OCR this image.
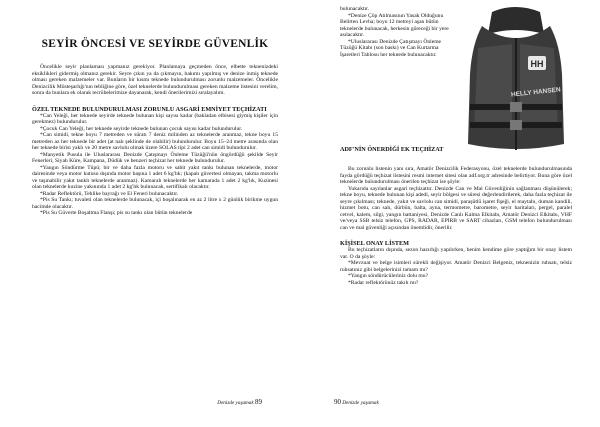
SEYİR ÖNCESİ VE SEYİRDE GÜVENLİK

Öncelikle seyir planlaması yapmanız gerekiyor. Planlamaya geçmeden önce, elbette teknenizdeki eksiklikleri gidermiş olmanız gerekir. Seyre çıkın ya da çıkmayın, bakımı yapılmış ve denize inmiş teknede olması gereken malzemeler var. Bunların bir kısmı teknede bulundurulması zorunlu malzemeler. Öncelikle Denizcilik Müsteşarlığı'nın tebliğine göre, özel teknelerde bulundurulması gereken malzeme listesini verelim, sonra da bunlara ek olarak tecrübelerimize dayanarak, kendi önerilerimizi sıralayalım.

ÖZEL TEKNEDE BULUNDURULMASI ZORUNLU ASGARİ EMNİYET TEÇHİZATI

*Can Yeleği, her teknede seyirde teknede bulunan kişi sayısı kadar (bakladan elbisesi giymiş kişiler için gerekmez) bulundurulur.

*Çocuk Can Yeleği, her teknede seyirde teknede bulunan çocuk sayısı kadar bulundurulur.

*Can simidi, tekne boyu 7 metreden ve süratı 7 deniz milinden az teknelerde aranmaz, tekne boyu 15 metreden az her teknede bir adet (at nalı şeklinde de olabilir) bulundurulur. Boyu 15–24 metre arasında olan her teknede birisi yaklı ve 20 metre savlolu olmak üzere SOLAS tipi 2 adet can simidi bulundurulur.

*Manyetik Pusula ile Uluslararası Denizde Çatışmayı Önleme Tüzüğü'nün öngördüğü şekilde Seyir Fenerleri, Siyah Küre, Kampana, Düdük ve benzeri teçhizat her teknede bulundurulur.

*Yangın Söndürme Tüpü; bir ve daha fazla motoru ve sabit yakıt tankı bulunan teknelerde, motor dairesinde veya motor kutusu dışında motor başına 1 adet 6 kg'lık; (kapalı güvertesi olmayan, takma motorlu ve taşınabilir yakıt tanklı teknelerde aranmaz). Kamaralı teknelerde her kamarada 1 adet 2 kg'lık, Kuzinesi olan teknelerde kuzine yakınında 1 adet 2 kg'lık bulunacak, sertifikalı olacaktır.

*Radar Reflektörü, Tehlike bayrağı ve El Feneri bulunacaktır.

*Pis Su Tankı; tuvaleti olan teknelerde bulunacak, içi boşalınarak en az 2 litre x 2 günlük birikme uygun hacimde olacaktır.

*Pis Su Güverte Boşaltma Flanşı; pis su tankı olan bütün teknelerde

Denizde yaşamak 89

bulunacaktır.

*Denize Çöp Atılmasının Yasak Olduğunu Belirten Levha; boyu 12 metreyi aşan bütün teknelerde bulunacak, herkesin göreceği bir yere asılacaktır.

*Uluslararası Denizde Çatışmayı Önleme Tüzüğü Kitabı (son baskı) ve Can Kurtarma İşaretleri Tablosu her teknede bulunacaktır.

HH
HELLY HANSEN
ADF'NİN ÖNERDİĞİ EK TEÇHİZAT

Bu zorunlu listenin yanı sıra, Amatör Denizcilik Federasyonu, özel teknelerde bulundurulmasında fayda gördüğü teçhizat listesini resmi internet sitesi olan adf.org.tr adresinde belirtiyor. Buna göre özel teknelerde bulundurulması önerilen teçhizat ise şöyle:

Yukarıda sayılanlar asgari teçhizattır. Denizde Can ve Mal Güvenliğinin sağlanması düşünülerek; tekne boyu, teknede bulunan kişi adedi, seyir bölgesi ve süresi değerlendirilerek, daha fazla teçhizat ile seyre çıkılması; teknede, yakıt ve savlolu can simidi, paraşütlü işaret fişeği, el maytabı, duman kandili, hizmet botu, can salı, dürbün, balta, ayna, termometre, barometre, seyir haritaları, pergel, paralel cetvel, kalem, silgi, yangın battaniyesi, Denizde Canlı Kalma Elkitabı, Amatör Denizci Elkitabı, VHF ve/veya SSB telsiz telefon, GPS, RADAR, EPIRB ve SART cihazları, GSM telefon bulundurulması can ve mal güvenliği açısından önemlidir, önerilir.

KİŞİSEL ONAY LİSTEM

Bu teçhizatların dışında, sezon hazırlığı yapılırken, benim kendime göre yaptığım bir onay listem var. O da şöyle:

*Mevzuat ve belge isimleri sürekli değişiyor. Amatör Denizci Belgeniz, teknenizin ruhsatı, telsiz ruhsatınız gibi belgelerinizi tamam mı?

*Yangın söndürücüleriniz dolu mu?

*Radar reflektörünüz takılı mı?

90 Denizde yaşamak
